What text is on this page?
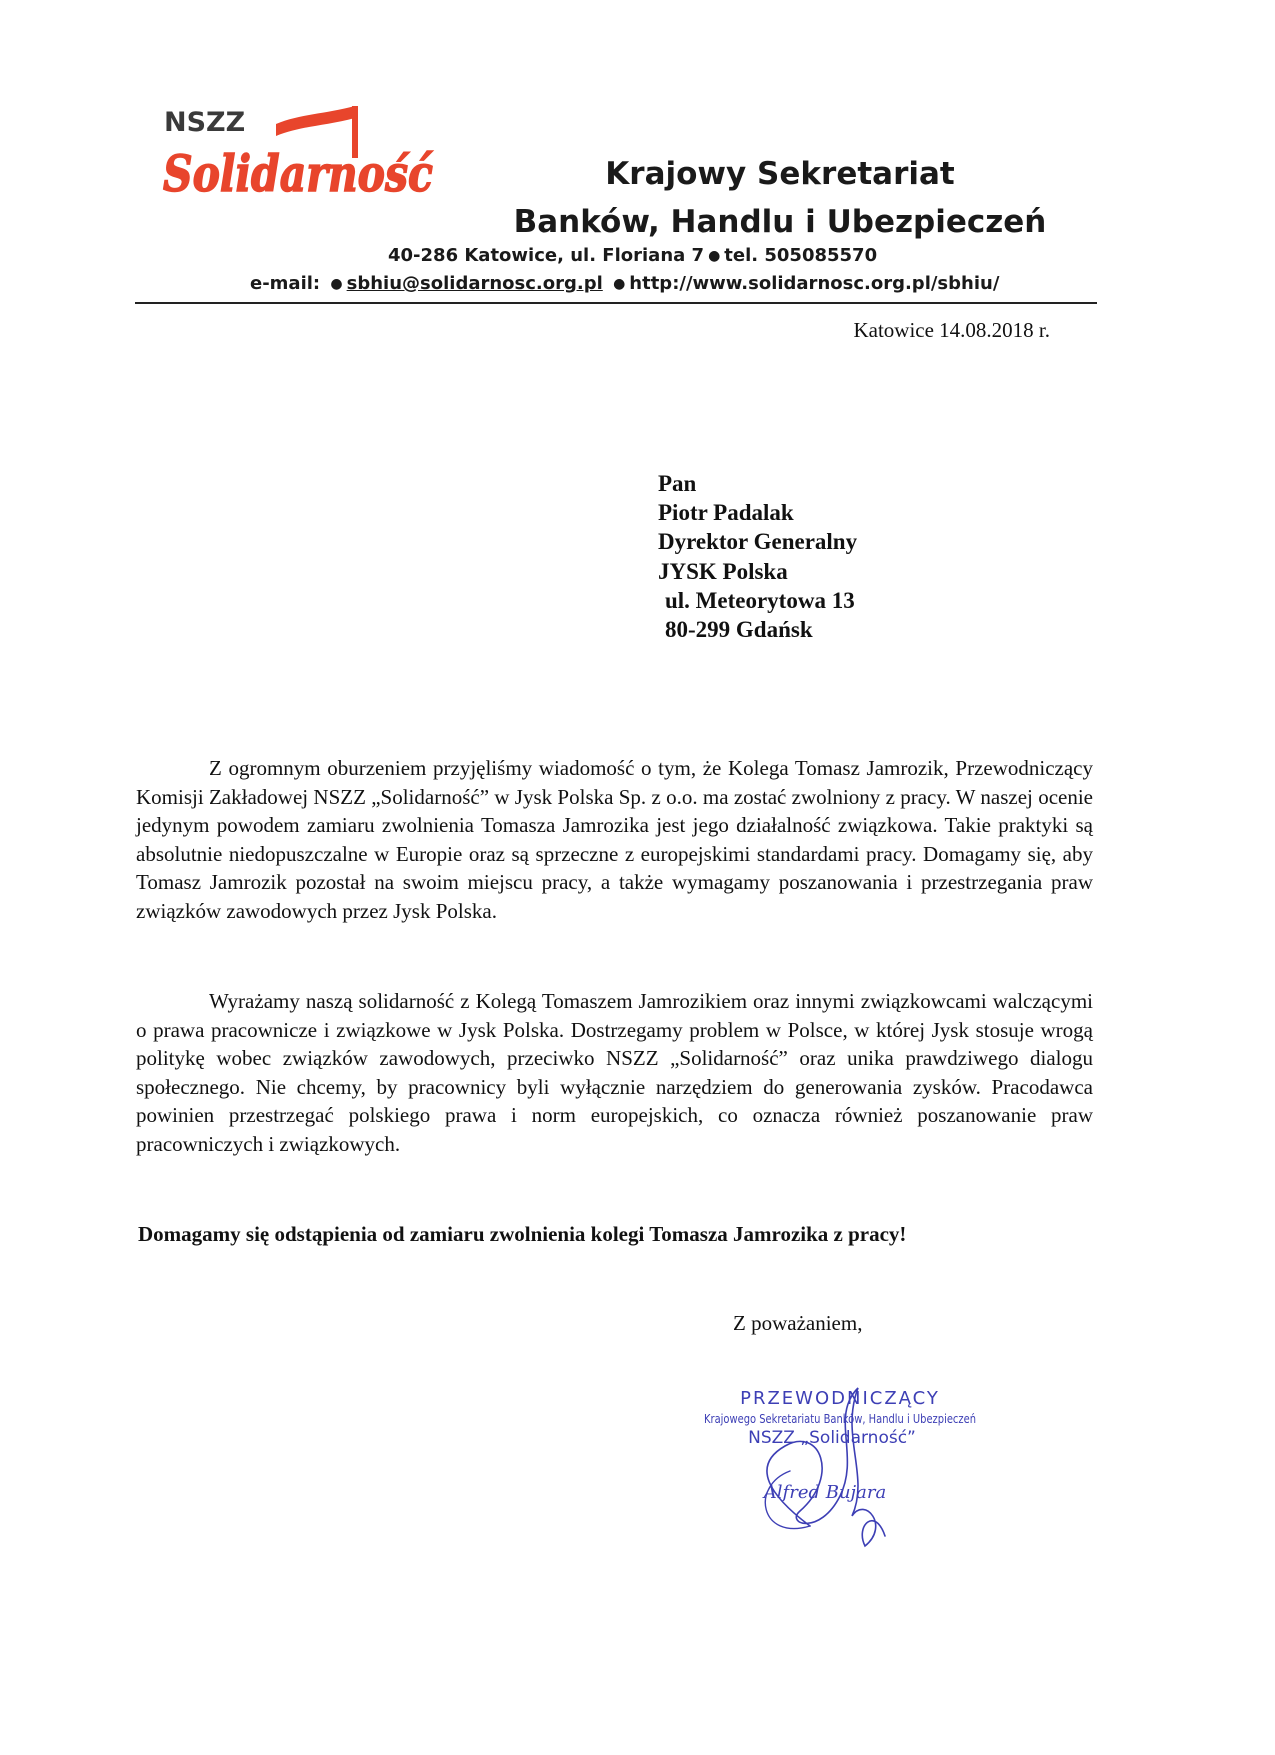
NSZZ
Solidarność	Krajowy Sekretariat
Banków, Handlu i Ubezpieczeń
40-286 Katowice, ul. Floriana 7 ● tel. 505085570
e-mail: ● sbhiu@solidarnosc.org.pl ● http://www.solidarnosc.org.pl/sbhiu/
Katowice 14.08.2018 r.
Pan
Piotr Padalak
Dyrektor Generalny
JYSK Polska
ul. Meteorytowa 13
80-299 Gdańsk

Z ogromnym oburzeniem przyjęliśmy wiadomość o tym, że Kolega Tomasz Jamrozik, Przewodniczący Komisji Zakładowej NSZZ „Solidarność” w Jysk Polska Sp. z o.o. ma zostać zwolniony z pracy. W naszej ocenie jedynym powodem zamiaru zwolnienia Tomasza Jamrozika jest jego działalność związkowa. Takie praktyki są absolutnie niedopuszczalne w Europie oraz są sprzeczne z europejskimi standardami pracy. Domagamy się, aby Tomasz Jamrozik pozostał na swoim miejscu pracy, a także wymagamy poszanowania i przestrzegania praw związków zawodowych przez Jysk Polska.

Wyrażamy naszą solidarność z Kolegą Tomaszem Jamrozikiem oraz innymi związkowcami walczącymi o prawa pracownicze i związkowe w Jysk Polska. Dostrzegamy problem w Polsce, w której Jysk stosuje wrogą politykę wobec związków zawodowych, przeciwko NSZZ „Solidarność” oraz unika prawdziwego dialogu społecznego. Nie chcemy, by pracownicy byli wyłącznie narzędziem do generowania zysków. Pracodawca powinien przestrzegać polskiego prawa i norm europejskich, co oznacza również poszanowanie praw pracowniczych i związkowych.

Domagamy się odstąpienia od zamiaru zwolnienia kolegi Tomasza Jamrozika z pracy!
Z poważaniem,
PRZEWODNICZĄCY
Krajowego Sekretariatu Banków, Handlu i Ubezpieczeń
NSZZ „Solidarność”
Alfred Bujara
